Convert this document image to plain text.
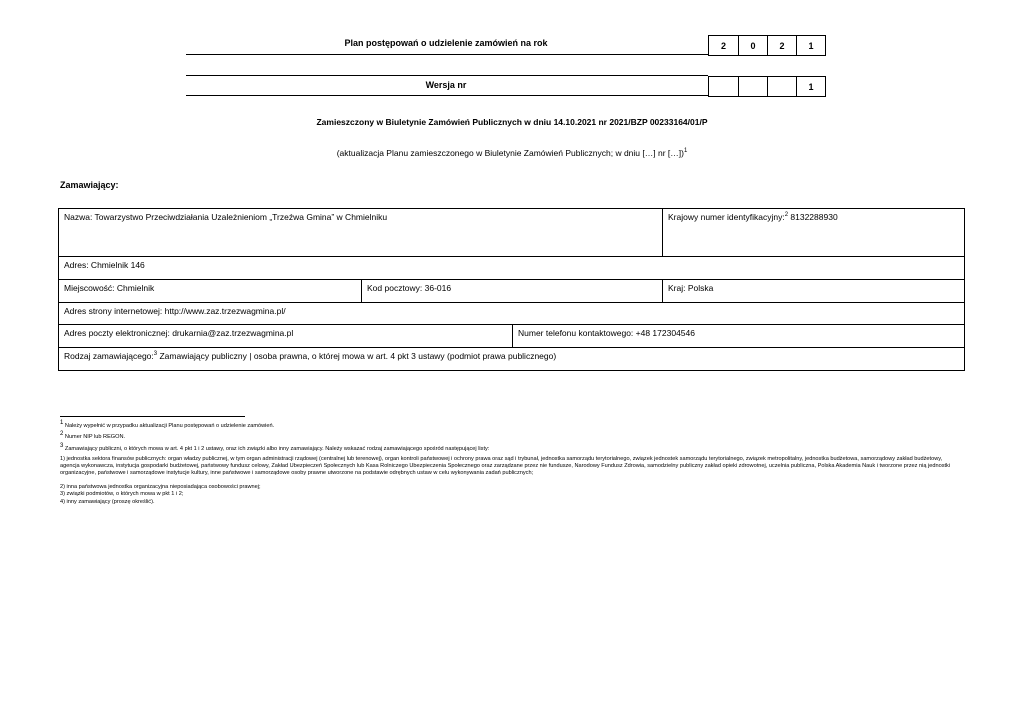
Plan postępowań o udzielenie zamówień na rok	2	0	2	1
Wersja nr	1
Zamieszczony w Biuletynie Zamówień Publicznych w dniu 14.10.2021 nr 2021/BZP 00233164/01/P
(aktualizacja Planu zamieszczonego w Biuletynie Zamówień Publicznych; w dniu […] nr […])$^1$
Zamawiający:
Nazwa: Towarzystwo Przeciwdziałania Uzależnieniom „Trzeźwa Gmina” w Chmielniku	Krajowy numer identyfikacyjny:$^2$ 8132288930
Adres: Chmielnik 146
Miejscowość: Chmielnik	Kod pocztowy: 36-016	Kraj: Polska
Adres strony internetowej: http://www.zaz.trzezwagmina.pl/
Adres poczty elektronicznej: drukarnia@zaz.trzezwagmina.pl	Numer telefonu kontaktowego: +48 172304546
Rodzaj zamawiającego:$^3$ Zamawiający publiczny | osoba prawna, o której mowa w art. 4 pkt 3 ustawy (podmiot prawa publicznego)
$^1$ Należy wypełnić w przypadku aktualizacji Planu postępowań o udzielenie zamówień.
$^2$ Numer NIP lub REGON.
$^3$ Zamawiający publiczni, o których mowa w art. 4 pkt 1 i 2 ustawy, oraz ich związki albo inny zamawiający. Należy wskazać rodzaj zamawiającego spośród następującej listy:
1) jednostka sektora finansów publicznych: organ władzy publicznej, w tym organ administracji rządowej (centralnej lub terenowej), organ kontroli państwowej i ochrony prawa oraz sąd i trybunał, jednostka samorządu terytorialnego, związek jednostek samorządu terytorialnego, związek metropolitalny, jednostka budżetowa, samorządowy zakład budżetowy, agencja wykonawcza, instytucja gospodarki budżetowej, państwowy fundusz celowy, Zakład Ubezpieczeń Społecznych lub Kasa Rolniczego Ubezpieczenia Społecznego oraz zarządzane przez nie fundusze, Narodowy Fundusz Zdrowia, samodzielny publiczny zakład opieki zdrowotnej, uczelnia publiczna, Polska Akademia Nauk i tworzone przez nią jednostki organizacyjne, państwowe i samorządowe instytucje kultury, inne państwowe i samorządowe osoby prawne utworzone na podstawie odrębnych ustaw w celu wykonywania zadań publicznych;
2) inna państwowa jednostka organizacyjna nieposiadająca osobowości prawnej;
3) związki podmiotów, o których mowa w pkt 1 i 2;
4) inny zamawiający (proszę określić).
